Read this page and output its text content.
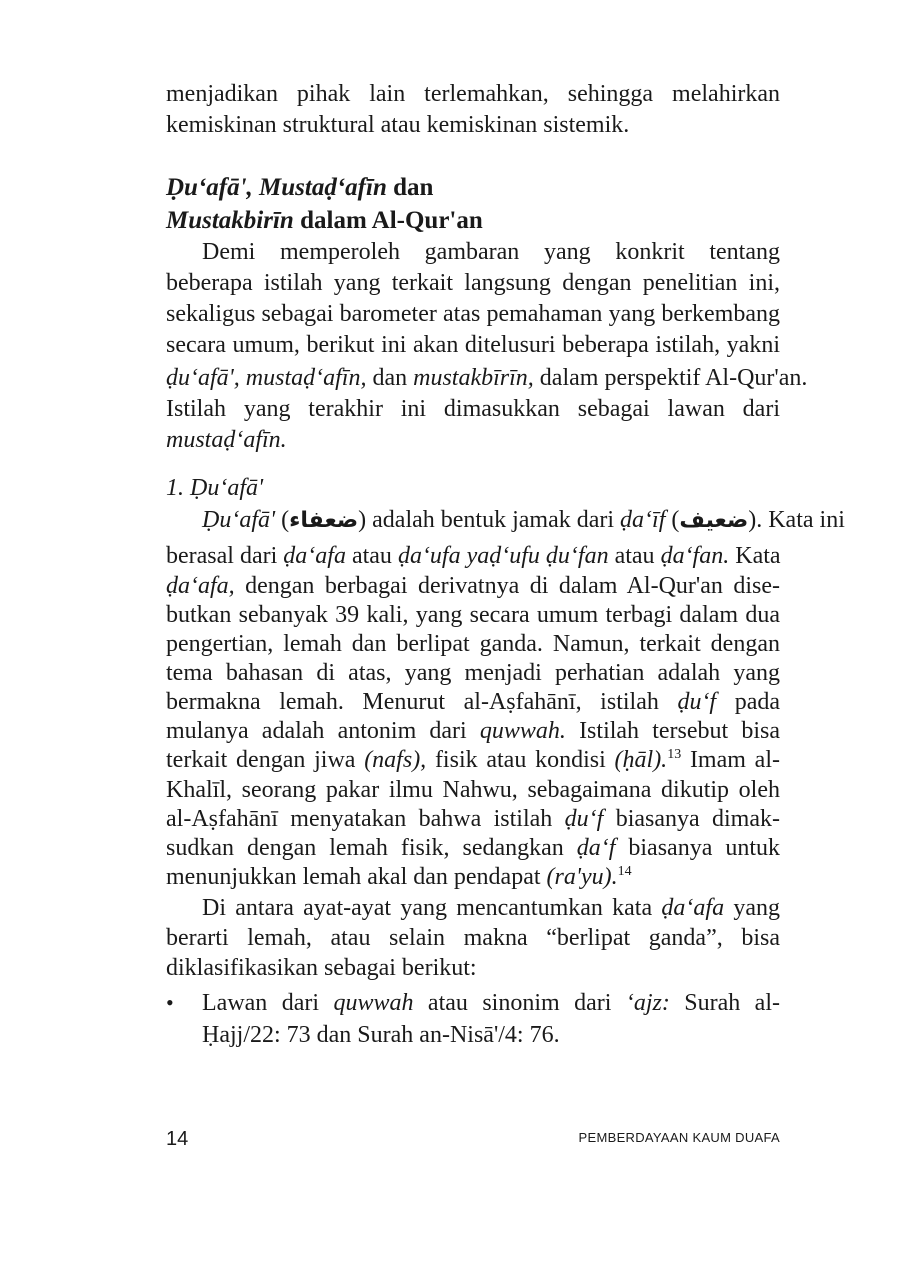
menjadikan pihak lain terlemahkan, sehingga melahirkan
kemiskinan struktural atau kemiskinan sistemik.
Ḍu‘afā', Mustaḍ‘afīn dan
Mustakbirīn dalam Al-Qur'an
Demi memperoleh gambaran yang konkrit tentang
beberapa istilah yang terkait langsung dengan penelitian ini,
sekaligus sebagai barometer atas pemahaman yang berkembang
secara umum, berikut ini akan ditelusuri beberapa istilah, yakni
ḍu‘afā', mustaḍ‘afīn, dan mustakbīrīn, dalam perspektif Al-Qur'an.
Istilah yang terakhir ini dimasukkan sebagai lawan dari
mustaḍ‘afīn.
1. Ḍu‘afā'
Ḍu‘afā' (ضعفاء) adalah bentuk jamak dari ḍa‘īf (ضعيف). Kata ini
berasal dari ḍa‘afa atau ḍa‘ufa yaḍ‘ufu ḍu‘fan atau ḍa‘fan. Kata
ḍa‘afa, dengan berbagai derivatnya di dalam Al-Qur'an dise-
butkan sebanyak 39 kali, yang secara umum terbagi dalam dua
pengertian, lemah dan berlipat ganda. Namun, terkait dengan
tema bahasan di atas, yang menjadi perhatian adalah yang
bermakna lemah. Menurut al-Aṣfahānī, istilah ḍu‘f pada
mulanya adalah antonim dari quwwah. Istilah tersebut bisa
terkait dengan jiwa (nafs), fisik atau kondisi (ḥāl).$^{13}$ Imam al-
Khalīl, seorang pakar ilmu Nahwu, sebagaimana dikutip oleh
al-Aṣfahānī menyatakan bahwa istilah ḍu‘f biasanya dimak-
sudkan dengan lemah fisik, sedangkan ḍa‘f biasanya untuk
menunjukkan lemah akal dan pendapat (ra'yu).$^{14}$
Di antara ayat-ayat yang mencantumkan kata ḍa‘afa yang
berarti lemah, atau selain makna “berlipat ganda”, bisa
diklasifikasikan sebagai berikut:
• Lawan dari quwwah atau sinonim dari ‘ajz: Surah al-
Ḥajj/22: 73 dan Surah an-Nisā'/4: 76.
14	PEMBERDAYAAN KAUM DUAFA
